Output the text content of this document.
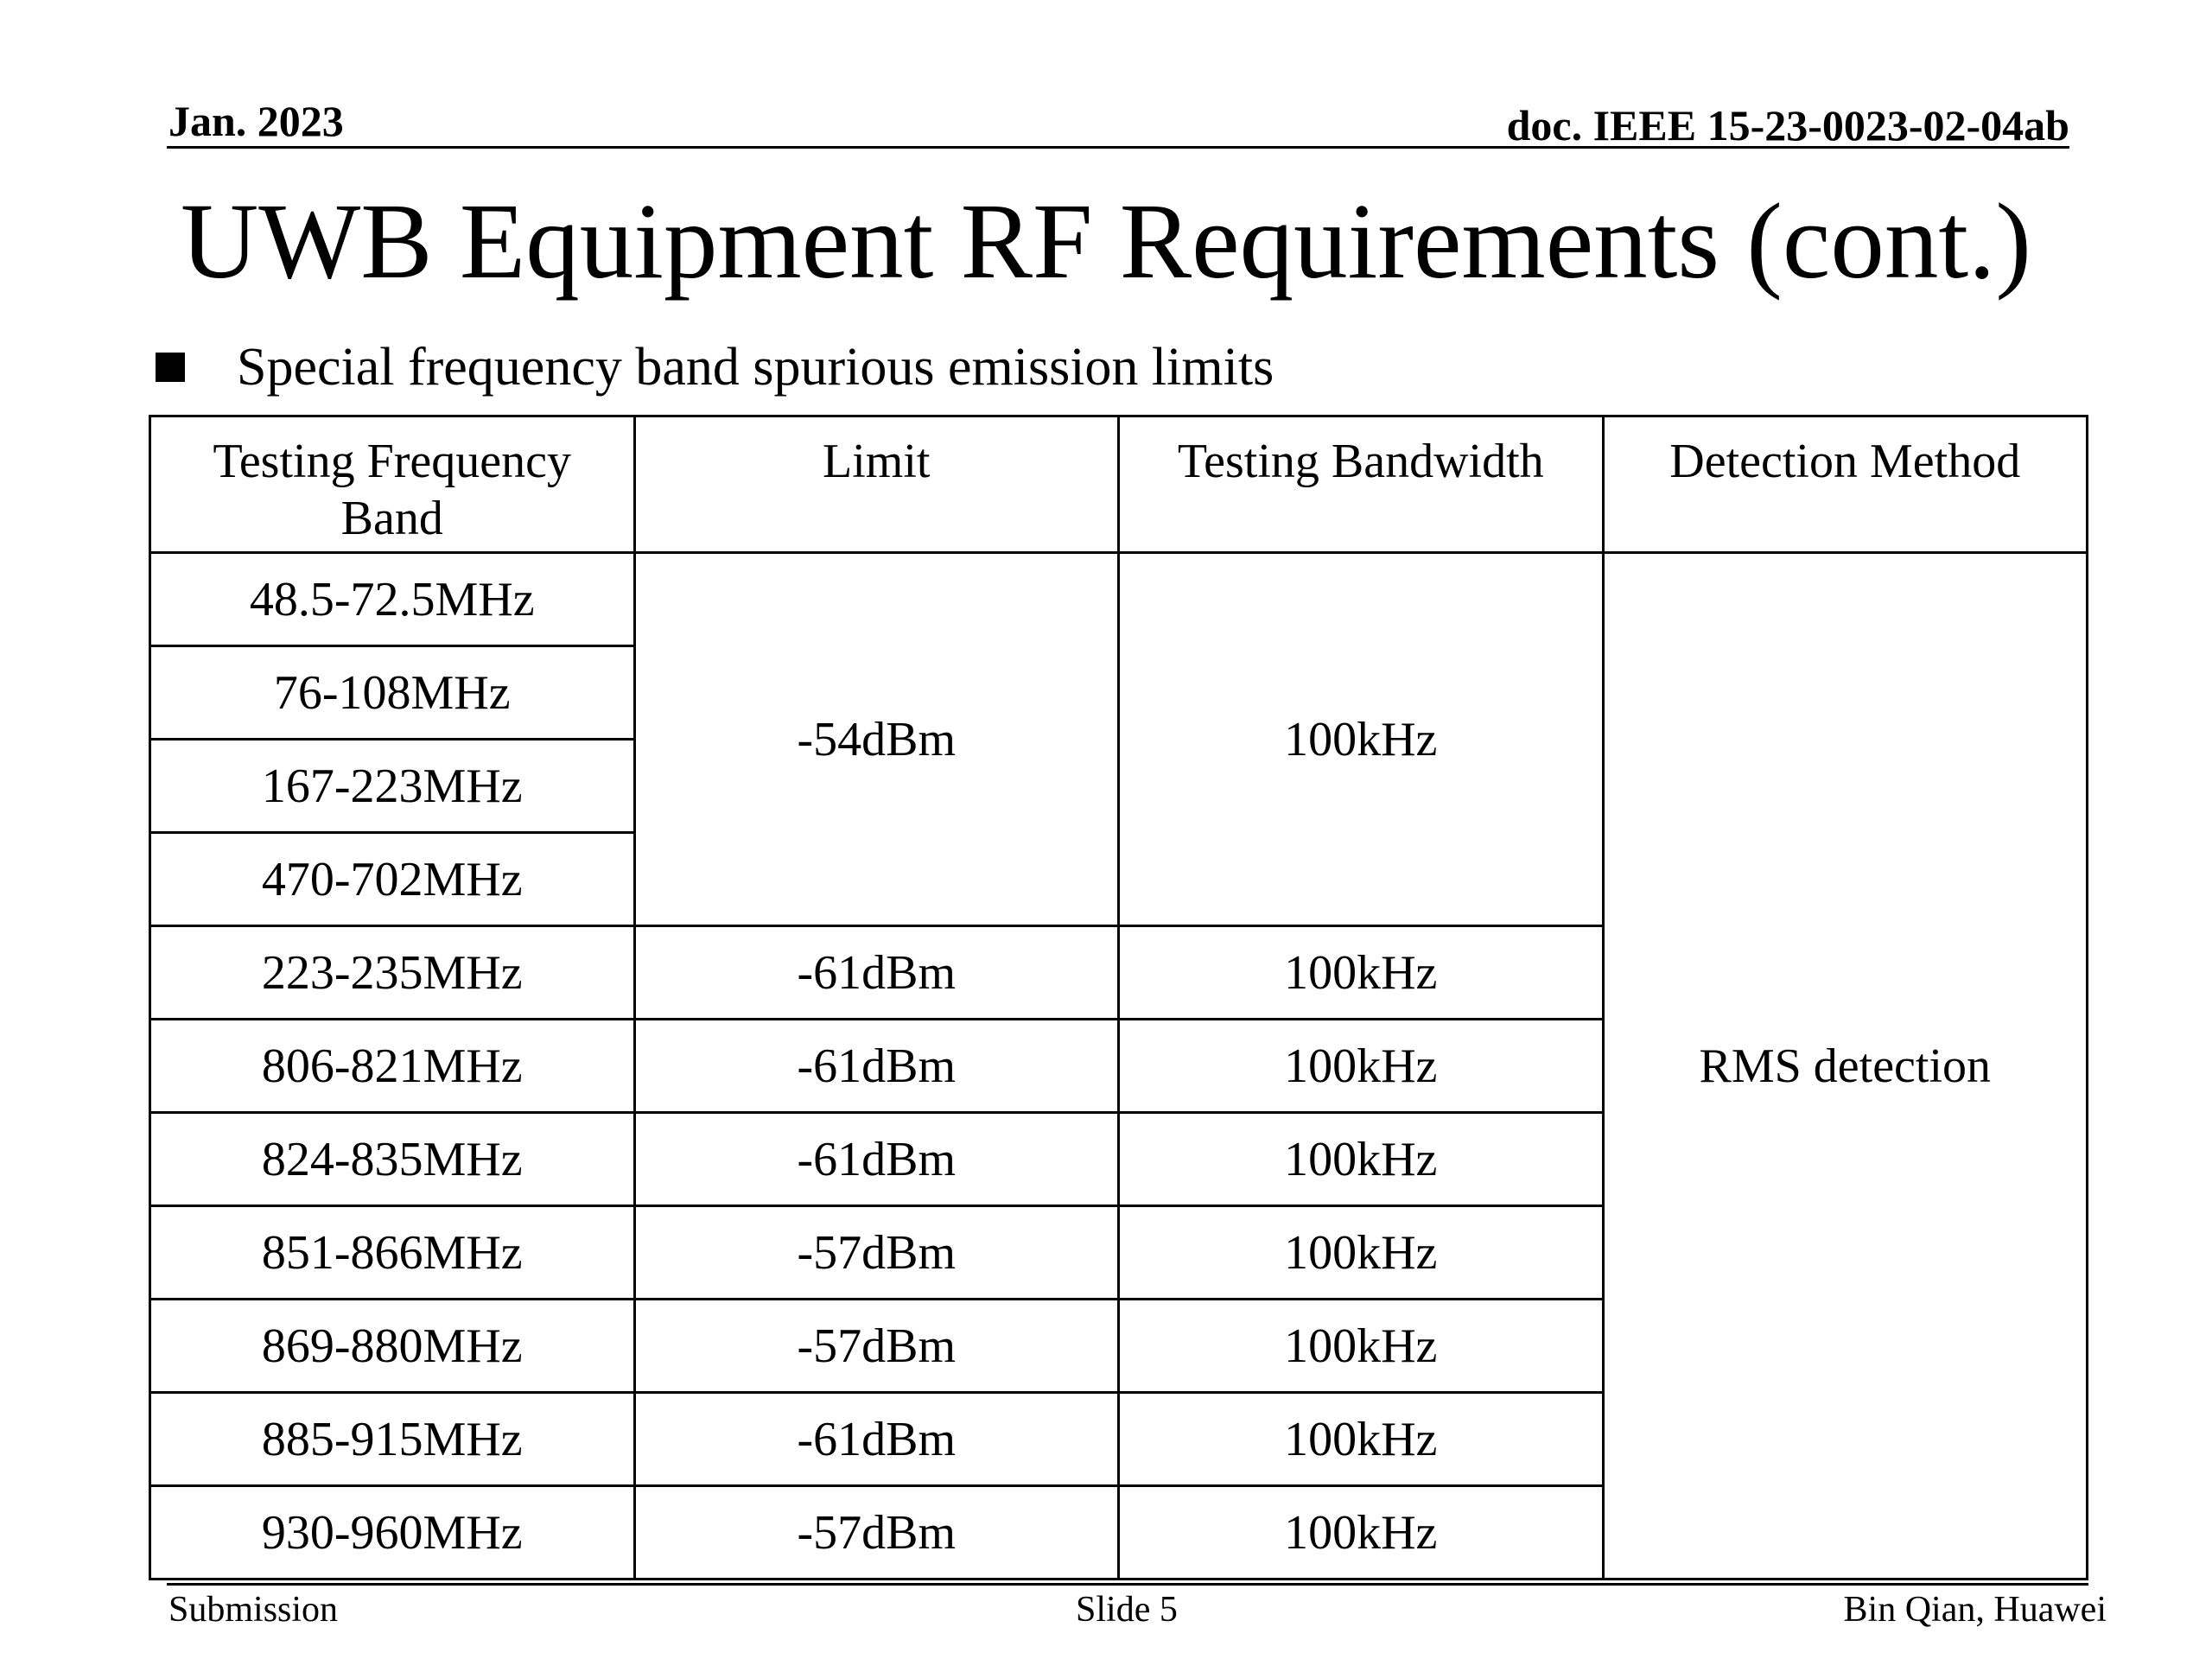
Jan. 2023	doc. IEEE 15-23-0023-02-04ab
UWB Equipment RF Requirements (cont.)
Special frequency band spurious emission limits
Testing Frequency Band	Limit	Testing Bandwidth	Detection Method
48.5-72.5MHz	-54dBm	100kHz	RMS detection
76-108MHz			
167-223MHz			
470-702MHz			
223-235MHz	-61dBm	100kHz	
806-821MHz	-61dBm	100kHz	
824-835MHz	-61dBm	100kHz	
851-866MHz	-57dBm	100kHz	
869-880MHz	-57dBm	100kHz	
885-915MHz	-61dBm	100kHz	
930-960MHz	-57dBm	100kHz	
Submission	Slide 5	Bin Qian, Huawei
